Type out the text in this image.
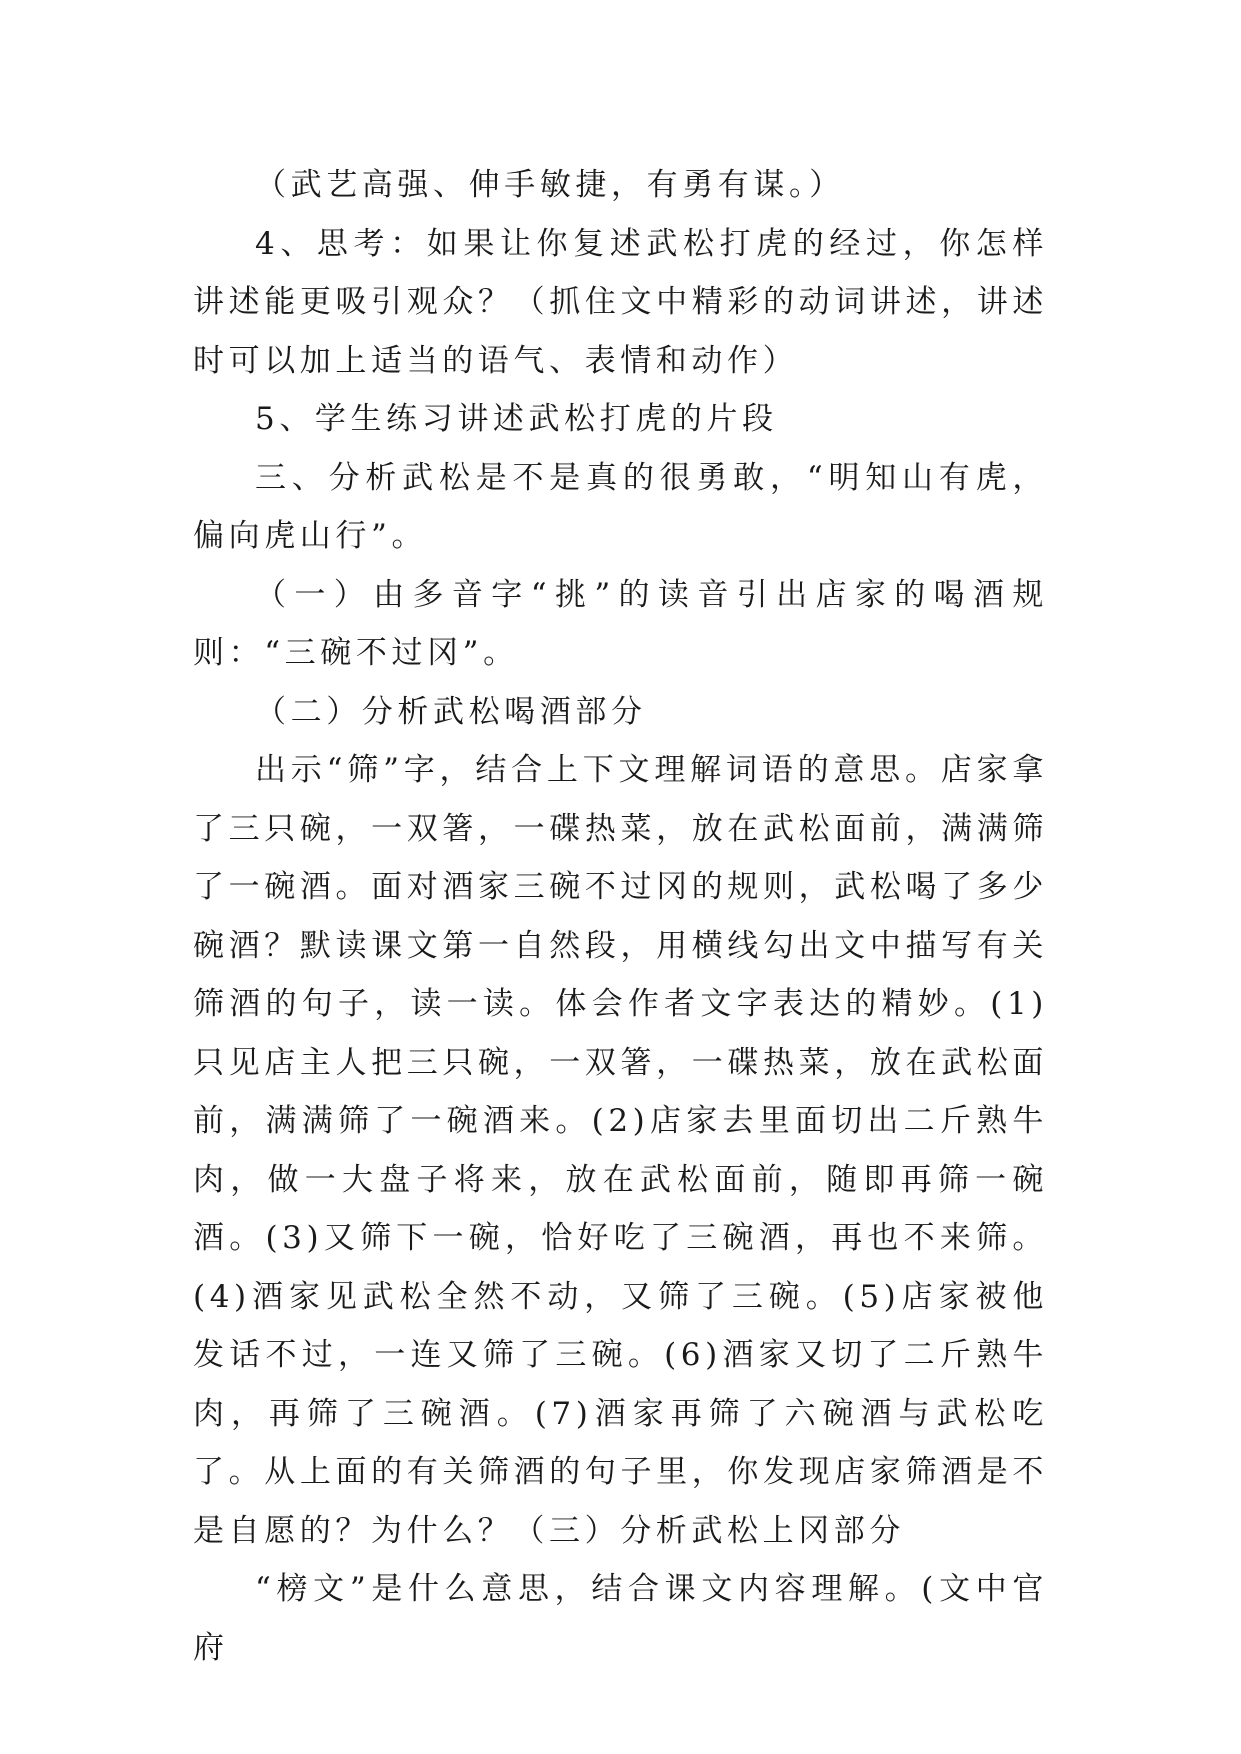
（武艺高强、伸手敏捷，有勇有谋。）

4、思考：如果让你复述武松打虎的经过，你怎样讲述能更吸引观众？（抓住文中精彩的动词讲述，讲述时可以加上适当的语气、表情和动作）

5、学生练习讲述武松打虎的片段

三、分析武松是不是真的很勇敢，“明知山有虎，偏向虎山行”。

（一）由多音字“挑”的读音引出店家的喝酒规则：“三碗不过冈”。

（二）分析武松喝酒部分

出示“筛”字，结合上下文理解词语的意思。店家拿了三只碗，一双箸，一碟热菜，放在武松面前，满满筛了一碗酒。面对酒家三碗不过冈的规则，武松喝了多少碗酒？默读课文第一自然段，用横线勾出文中描写有关筛酒的句子，读一读。体会作者文字表达的精妙。(1)只见店主人把三只碗，一双箸，一碟热菜，放在武松面前，满满筛了一碗酒来。(2)店家去里面切出二斤熟牛肉，做一大盘子将来，放在武松面前，随即再筛一碗酒。(3)又筛下一碗，恰好吃了三碗酒，再也不来筛。 (4)酒家见武松全然不动，又筛了三碗。(5)店家被他发话不过，一连又筛了三碗。(6)酒家又切了二斤熟牛肉，再筛了三碗酒。(7)酒家再筛了六碗酒与武松吃了。从上面的有关筛酒的句子里，你发现店家筛酒是不是自愿的？为什么？（三）分析武松上冈部分

“榜文”是什么意思，结合课文内容理解。(文中官府
